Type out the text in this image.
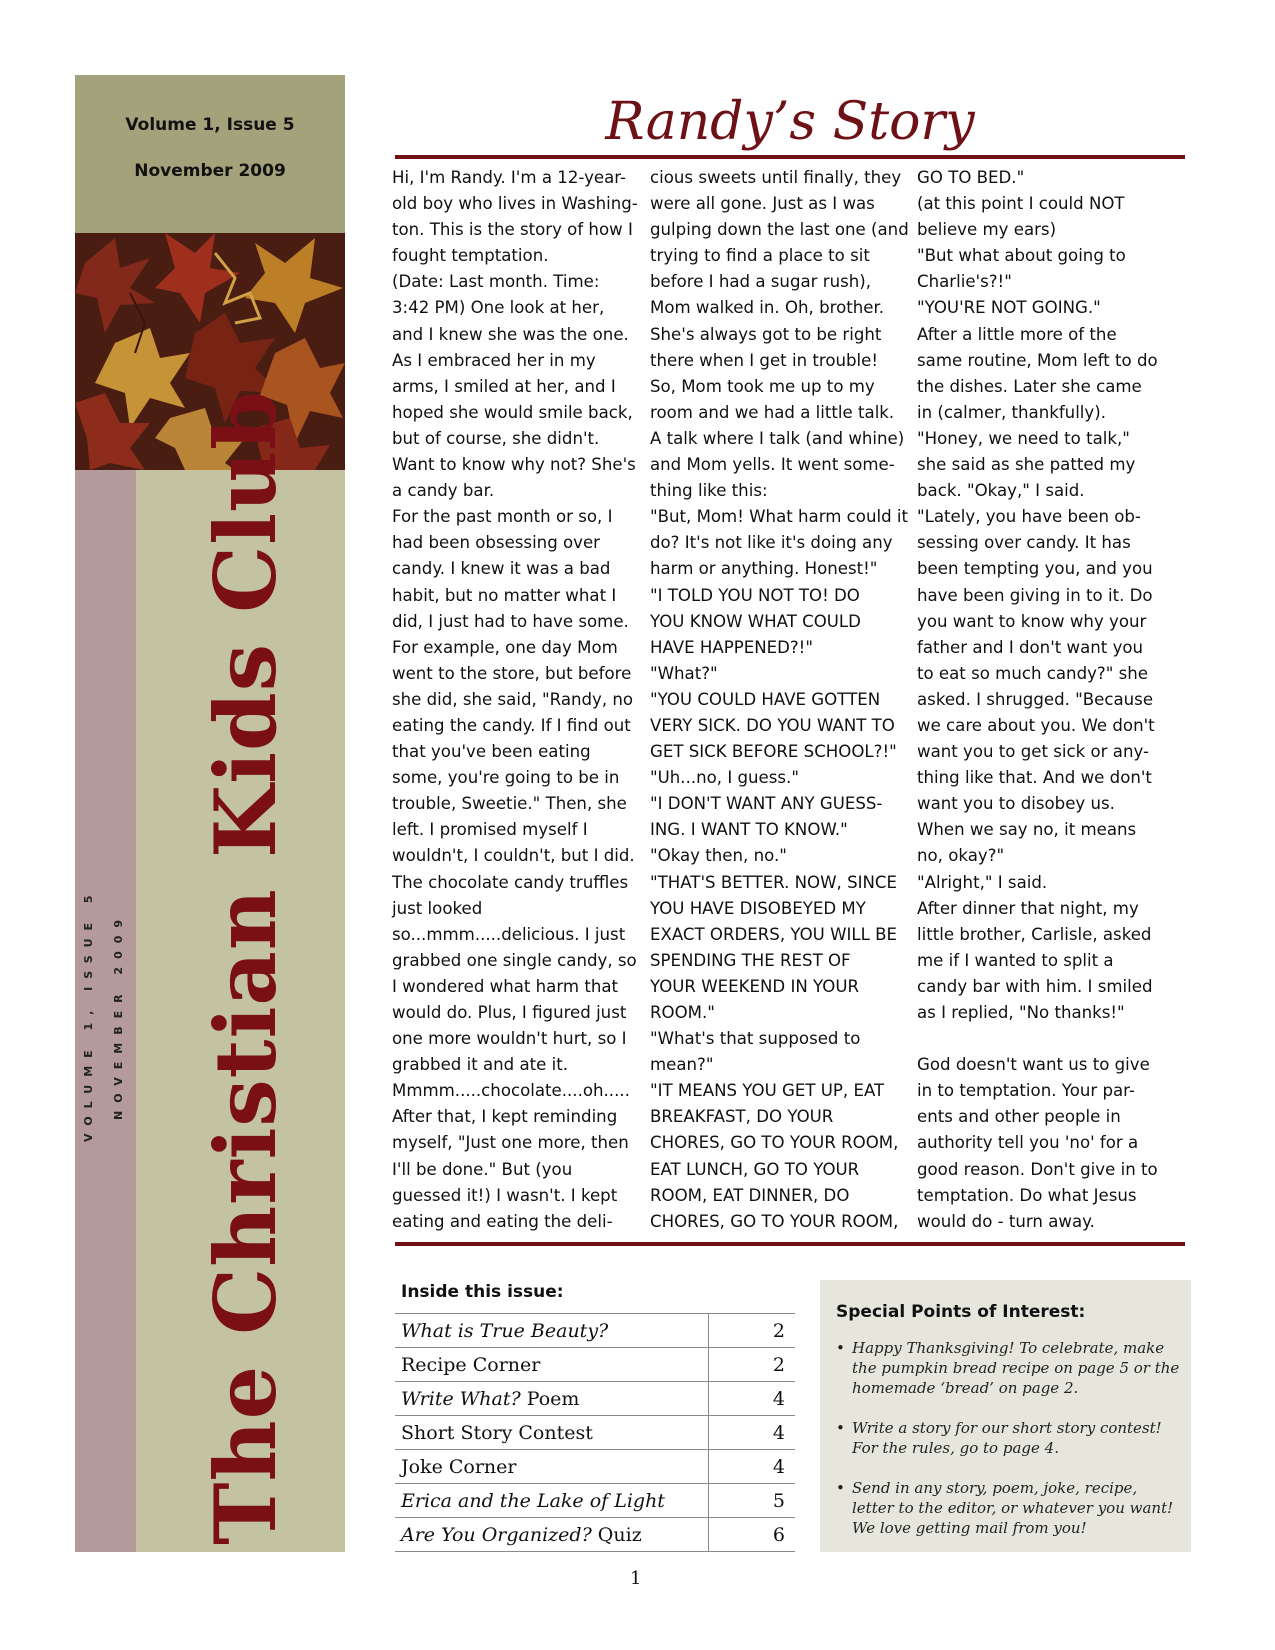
Volume 1, Issue 5
November 2009
VOLUME 1, ISSUE 5 NOVEMBER 2009 The Christian Kids Club
Randy’s Story
Hi, I'm Randy. I'm a 12-year-
old boy who lives in Washing-
ton. This is the story of how I
fought temptation.
(Date: Last month. Time:
3:42 PM) One look at her,
and I knew she was the one.
As I embraced her in my
arms, I smiled at her, and I
hoped she would smile back,
but of course, she didn't.
Want to know why not? She's
a candy bar.
For the past month or so, I
had been obsessing over
candy. I knew it was a bad
habit, but no matter what I
did, I just had to have some.
For example, one day Mom
went to the store, but before
she did, she said, "Randy, no
eating the candy. If I find out
that you've been eating
some, you're going to be in
trouble, Sweetie." Then, she
left. I promised myself I
wouldn't, I couldn't, but I did.
The chocolate candy truffles
just looked
so...mmm.....delicious. I just
grabbed one single candy, so
I wondered what harm that
would do. Plus, I figured just
one more wouldn't hurt, so I
grabbed it and ate it.
Mmmm.....chocolate....oh.....
After that, I kept reminding
myself, "Just one more, then
I'll be done." But (you
guessed it!) I wasn't. I kept
eating and eating the deli-
cious sweets until finally, they
were all gone. Just as I was
gulping down the last one (and
trying to find a place to sit
before I had a sugar rush),
Mom walked in. Oh, brother.
She's always got to be right
there when I get in trouble!
So, Mom took me up to my
room and we had a little talk.
A talk where I talk (and whine)
and Mom yells. It went some-
thing like this:
"But, Mom! What harm could it
do? It's not like it's doing any
harm or anything. Honest!"
"I TOLD YOU NOT TO! DO
YOU KNOW WHAT COULD
HAVE HAPPENED?!"
"What?"
"YOU COULD HAVE GOTTEN
VERY SICK. DO YOU WANT TO
GET SICK BEFORE SCHOOL?!"
"Uh...no, I guess."
"I DON'T WANT ANY GUESS-
ING. I WANT TO KNOW."
"Okay then, no."
"THAT'S BETTER. NOW, SINCE
YOU HAVE DISOBEYED MY
EXACT ORDERS, YOU WILL BE
SPENDING THE REST OF
YOUR WEEKEND IN YOUR
ROOM."
"What's that supposed to
mean?"
"IT MEANS YOU GET UP, EAT
BREAKFAST, DO YOUR
CHORES, GO TO YOUR ROOM,
EAT LUNCH, GO TO YOUR
ROOM, EAT DINNER, DO
CHORES, GO TO YOUR ROOM,
GO TO BED."
(at this point I could NOT
believe my ears)
"But what about going to
Charlie's?!"
"YOU'RE NOT GOING."
After a little more of the
same routine, Mom left to do
the dishes. Later she came
in (calmer, thankfully).
"Honey, we need to talk,"
she said as she patted my
back. "Okay," I said.
"Lately, you have been ob-
sessing over candy. It has
been tempting you, and you
have been giving in to it. Do
you want to know why your
father and I don't want you
to eat so much candy?" she
asked. I shrugged. "Because
we care about you. We don't
want you to get sick or any-
thing like that. And we don't
want you to disobey us.
When we say no, it means
no, okay?"
"Alright," I said.
After dinner that night, my
little brother, Carlisle, asked
me if I wanted to split a
candy bar with him. I smiled
as I replied, "No thanks!"

God doesn't want us to give
in to temptation. Your par-
ents and other people in
authority tell you 'no' for a
good reason. Don't give in to
temptation. Do what Jesus
would do - turn away.
Inside this issue:
What is True Beauty?	2
Recipe Corner	2
Write What? Poem	4
Short Story Contest	4
Joke Corner	4
Erica and the Lake of Light	5
Are You Organized? Quiz	6
Special Points of Interest:
• Happy Thanksgiving! To celebrate, make the pumpkin bread recipe on page 5 or the homemade ‘bread’ on page 2.
• Write a story for our short story contest! For the rules, go to page 4.
• Send in any story, poem, joke, recipe, letter to the editor, or whatever you want! We love getting mail from you!
1
